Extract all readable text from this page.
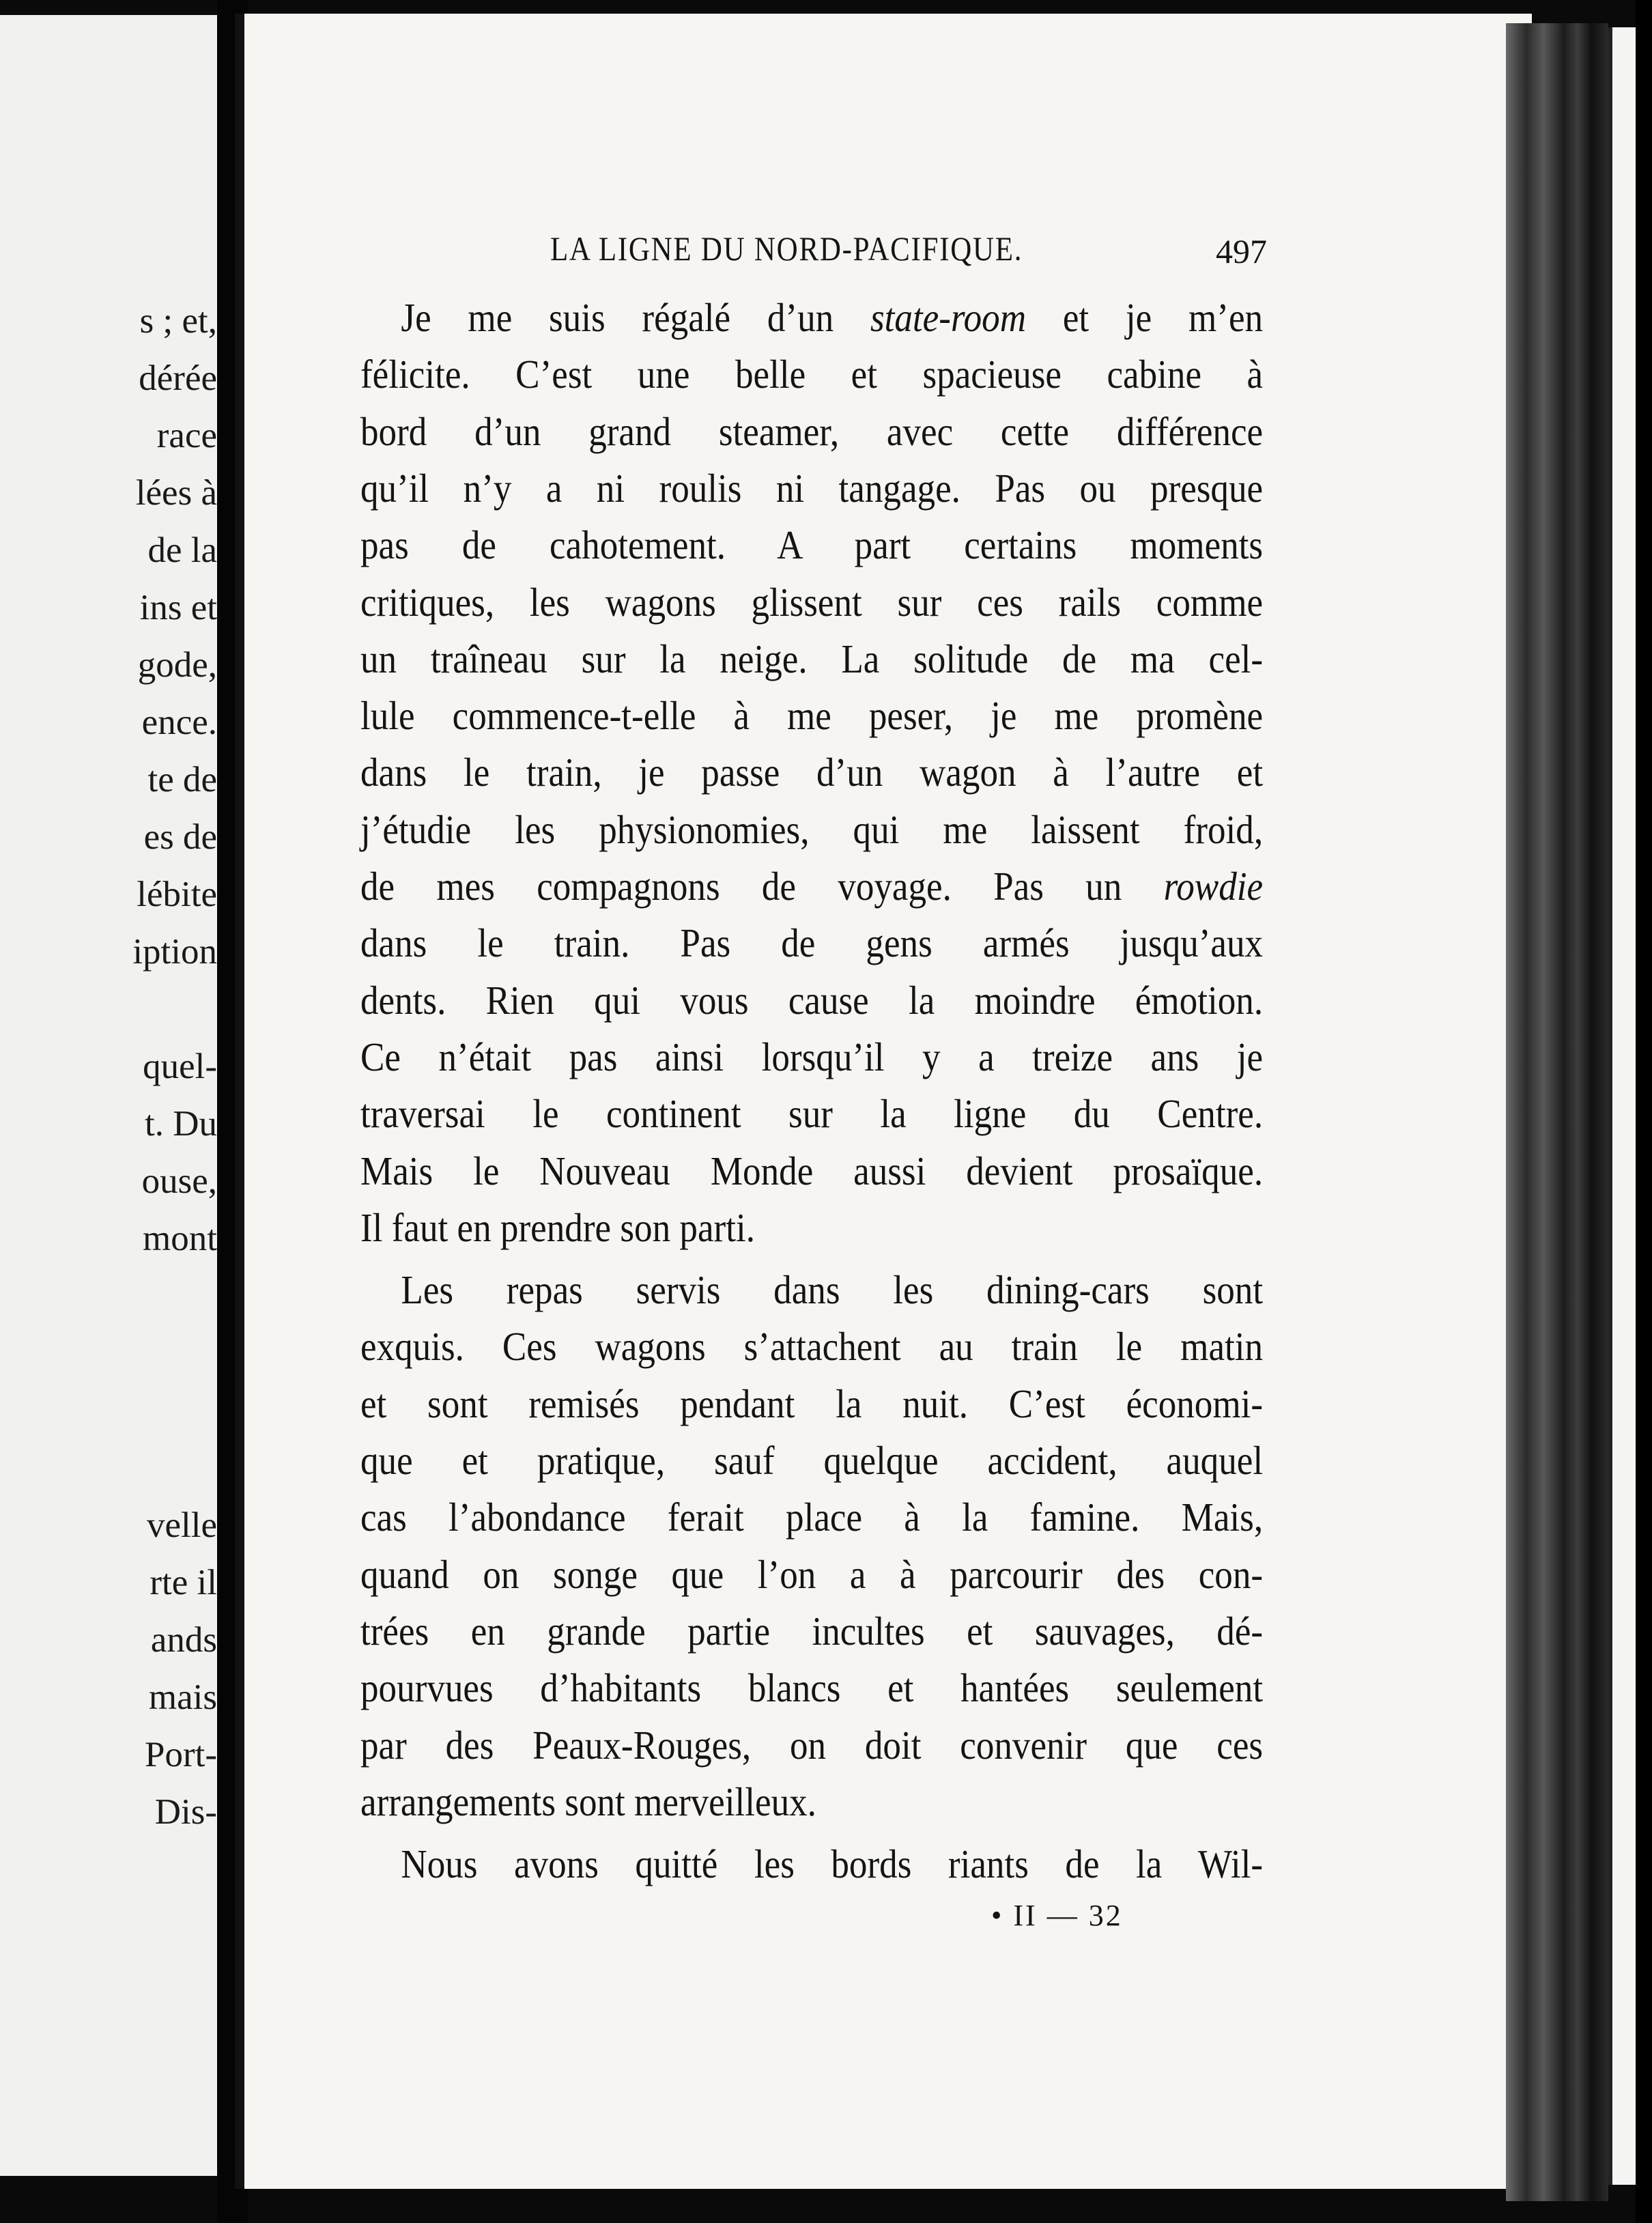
s ; et,
dérée
race
lées à
de la
ins et
gode,
ence.
te de
es de
lébite
iption
quel-
t. Du
ouse,
mont
velle
rte il
ands
mais
Port-
Dis-
LA LIGNE DU NORD-PACIFIQUE.	497
Je me suis régalé d’un state-room et je m’en
félicite. C’est une belle et spacieuse cabine à
bord d’un grand steamer, avec cette différence
qu’il n’y a ni roulis ni tangage. Pas ou presque
pas de cahotement. A part certains moments
critiques, les wagons glissent sur ces rails comme
un traîneau sur la neige. La solitude de ma cel-
lule commence-t-elle à me peser, je me promène
dans le train, je passe d’un wagon à l’autre et
j’étudie les physionomies, qui me laissent froid,
de mes compagnons de voyage. Pas un rowdie
dans le train. Pas de gens armés jusqu’aux
dents. Rien qui vous cause la moindre émotion.
Ce n’était pas ainsi lorsqu’il y a treize ans je
traversai le continent sur la ligne du Centre.
Mais le Nouveau Monde aussi devient prosaïque.
Il faut en prendre son parti.
Les repas servis dans les dining-cars sont
exquis. Ces wagons s’attachent au train le matin
et sont remisés pendant la nuit. C’est économi-
que et pratique, sauf quelque accident, auquel
cas l’abondance ferait place à la famine. Mais,
quand on songe que l’on a à parcourir des con-
trées en grande partie incultes et sauvages, dé-
pourvues d’habitants blancs et hantées seulement
par des Peaux-Rouges, on doit convenir que ces
arrangements sont merveilleux.
Nous avons quitté les bords riants de la Wil-
• II — 32
